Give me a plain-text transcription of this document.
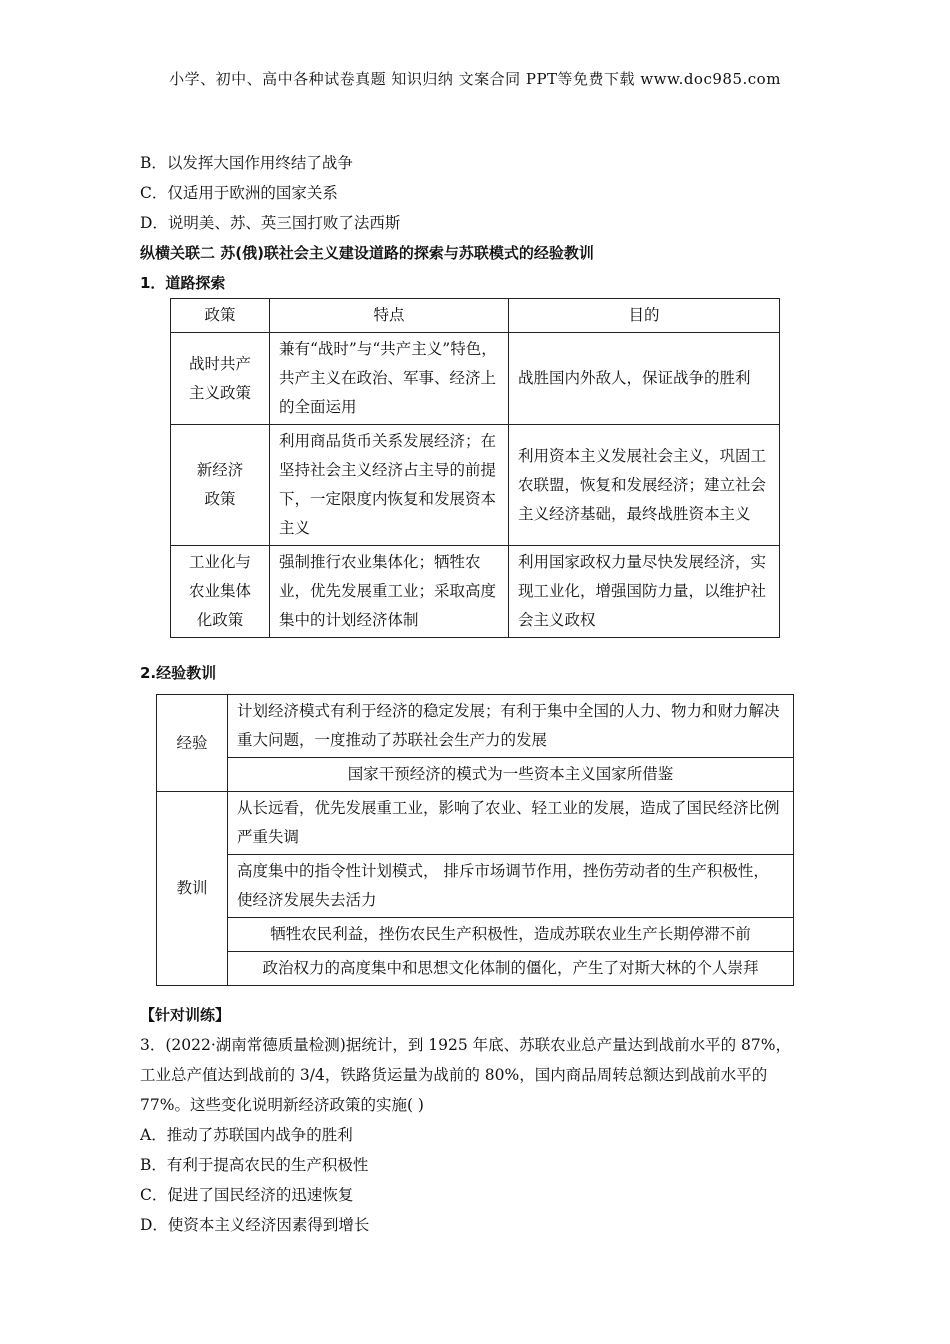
小学、初中、高中各种试卷真题 知识归纳 文案合同 PPT等免费下载 www.doc985.com
B．以发挥大国作用终结了战争
C．仅适用于欧洲的国家关系
D．说明美、苏、英三国打败了法西斯
纵横关联二 苏(俄)联社会主义建设道路的探索与苏联模式的经验教训
1．道路探索
政策	特点	目的

战时共产
主义政策	兼有“战时”与“共产主义”特色，共产主义在政治、军事、经济上的全面运用	战胜国内外敌人，保证战争的胜利

新经济
政策	利用商品货币关系发展经济；在坚持社会主义经济占主导的前提下，一定限度内恢复和发展资本主义	利用资本主义发展社会主义，巩固工农联盟，恢复和发展经济；建立社会主义经济基础，最终战胜资本主义

工业化与
农业集体
化政策	强制推行农业集体化；牺牲农业，优先发展重工业；采取高度集中的计划经济体制	利用国家政权力量尽快发展经济，实现工业化，增强国防力量，以维护社会主义政权
2.经验教训
经验	计划经济模式有利于经济的稳定发展；有利于集中全国的人力、物力和财力解决重大问题，一度推动了苏联社会生产力的发展
	国家干预经济的模式为一些资本主义国家所借鉴
教训	从长远看，优先发展重工业，影响了农业、轻工业的发展，造成了国民经济比例严重失调
	高度集中的指令性计划模式， 排斥市场调节作用，挫伤劳动者的生产积极性，使经济发展失去活力
	牺牲农民利益，挫伤农民生产积极性，造成苏联农业生产长期停滞不前
	政治权力的高度集中和思想文化体制的僵化，产生了对斯大林的个人崇拜
【针对训练】
3．(2022·湖南常德质量检测)据统计，到 1925 年底、苏联农业总产量达到战前水平的 87%，
工业总产值达到战前的 3/4，铁路货运量为战前的 80%，国内商品周转总额达到战前水平的
77%。这些变化说明新经济政策的实施( )
A．推动了苏联国内战争的胜利
B．有利于提高农民的生产积极性
C．促进了国民经济的迅速恢复
D．使资本主义经济因素得到增长
